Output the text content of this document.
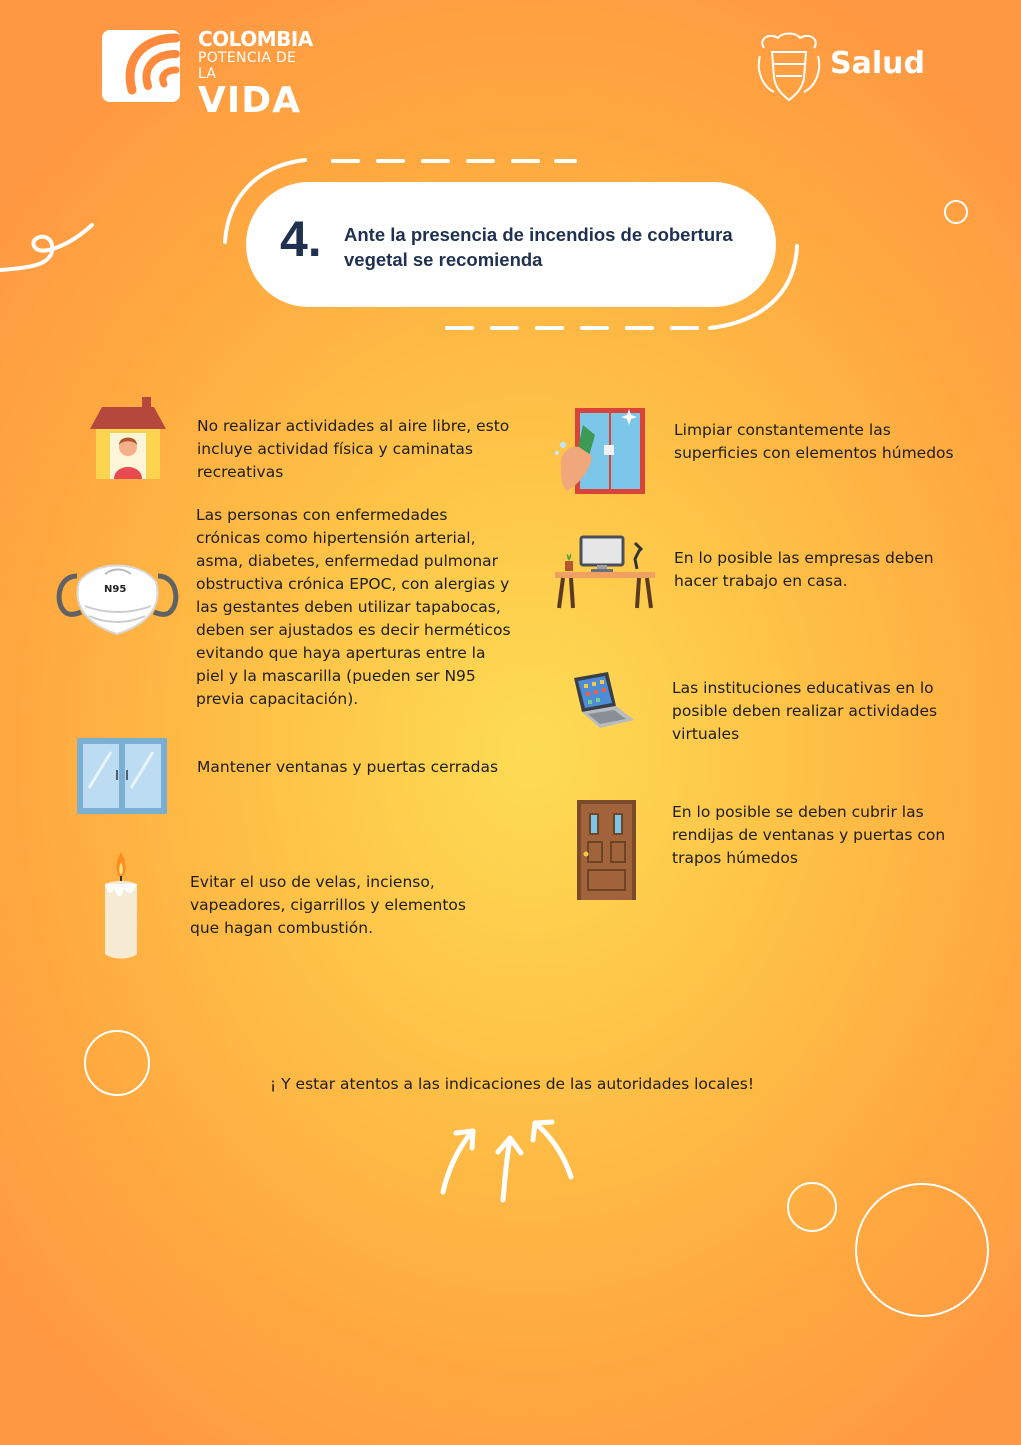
COLOMBIA
POTENCIA DE LA
VIDA
Salud
4. Ante la presencia de incendios de cobertura vegetal se recomienda
No realizar actividades al aire libre, esto incluye actividad física y caminatas recreativas
N95
Las personas con enfermedades crónicas como hipertensión arterial, asma, diabetes, enfermedad pulmonar obstructiva crónica EPOC, con alergias y las gestantes deben utilizar tapabocas, deben ser ajustados es decir herméticos evitando que haya aperturas entre la piel y la mascarilla (pueden ser N95 previa capacitación).
Mantener ventanas y puertas cerradas
Evitar el uso de velas, incienso, vapeadores, cigarrillos y elementos que hagan combustión.
Limpiar constantemente las superficies con elementos húmedos
En lo posible las empresas deben hacer trabajo en casa.
Las instituciones educativas en lo posible deben realizar actividades virtuales
En lo posible se deben cubrir las rendijas de ventanas y puertas con trapos húmedos
¡ Y estar atentos a las indicaciones de las autoridades locales!
